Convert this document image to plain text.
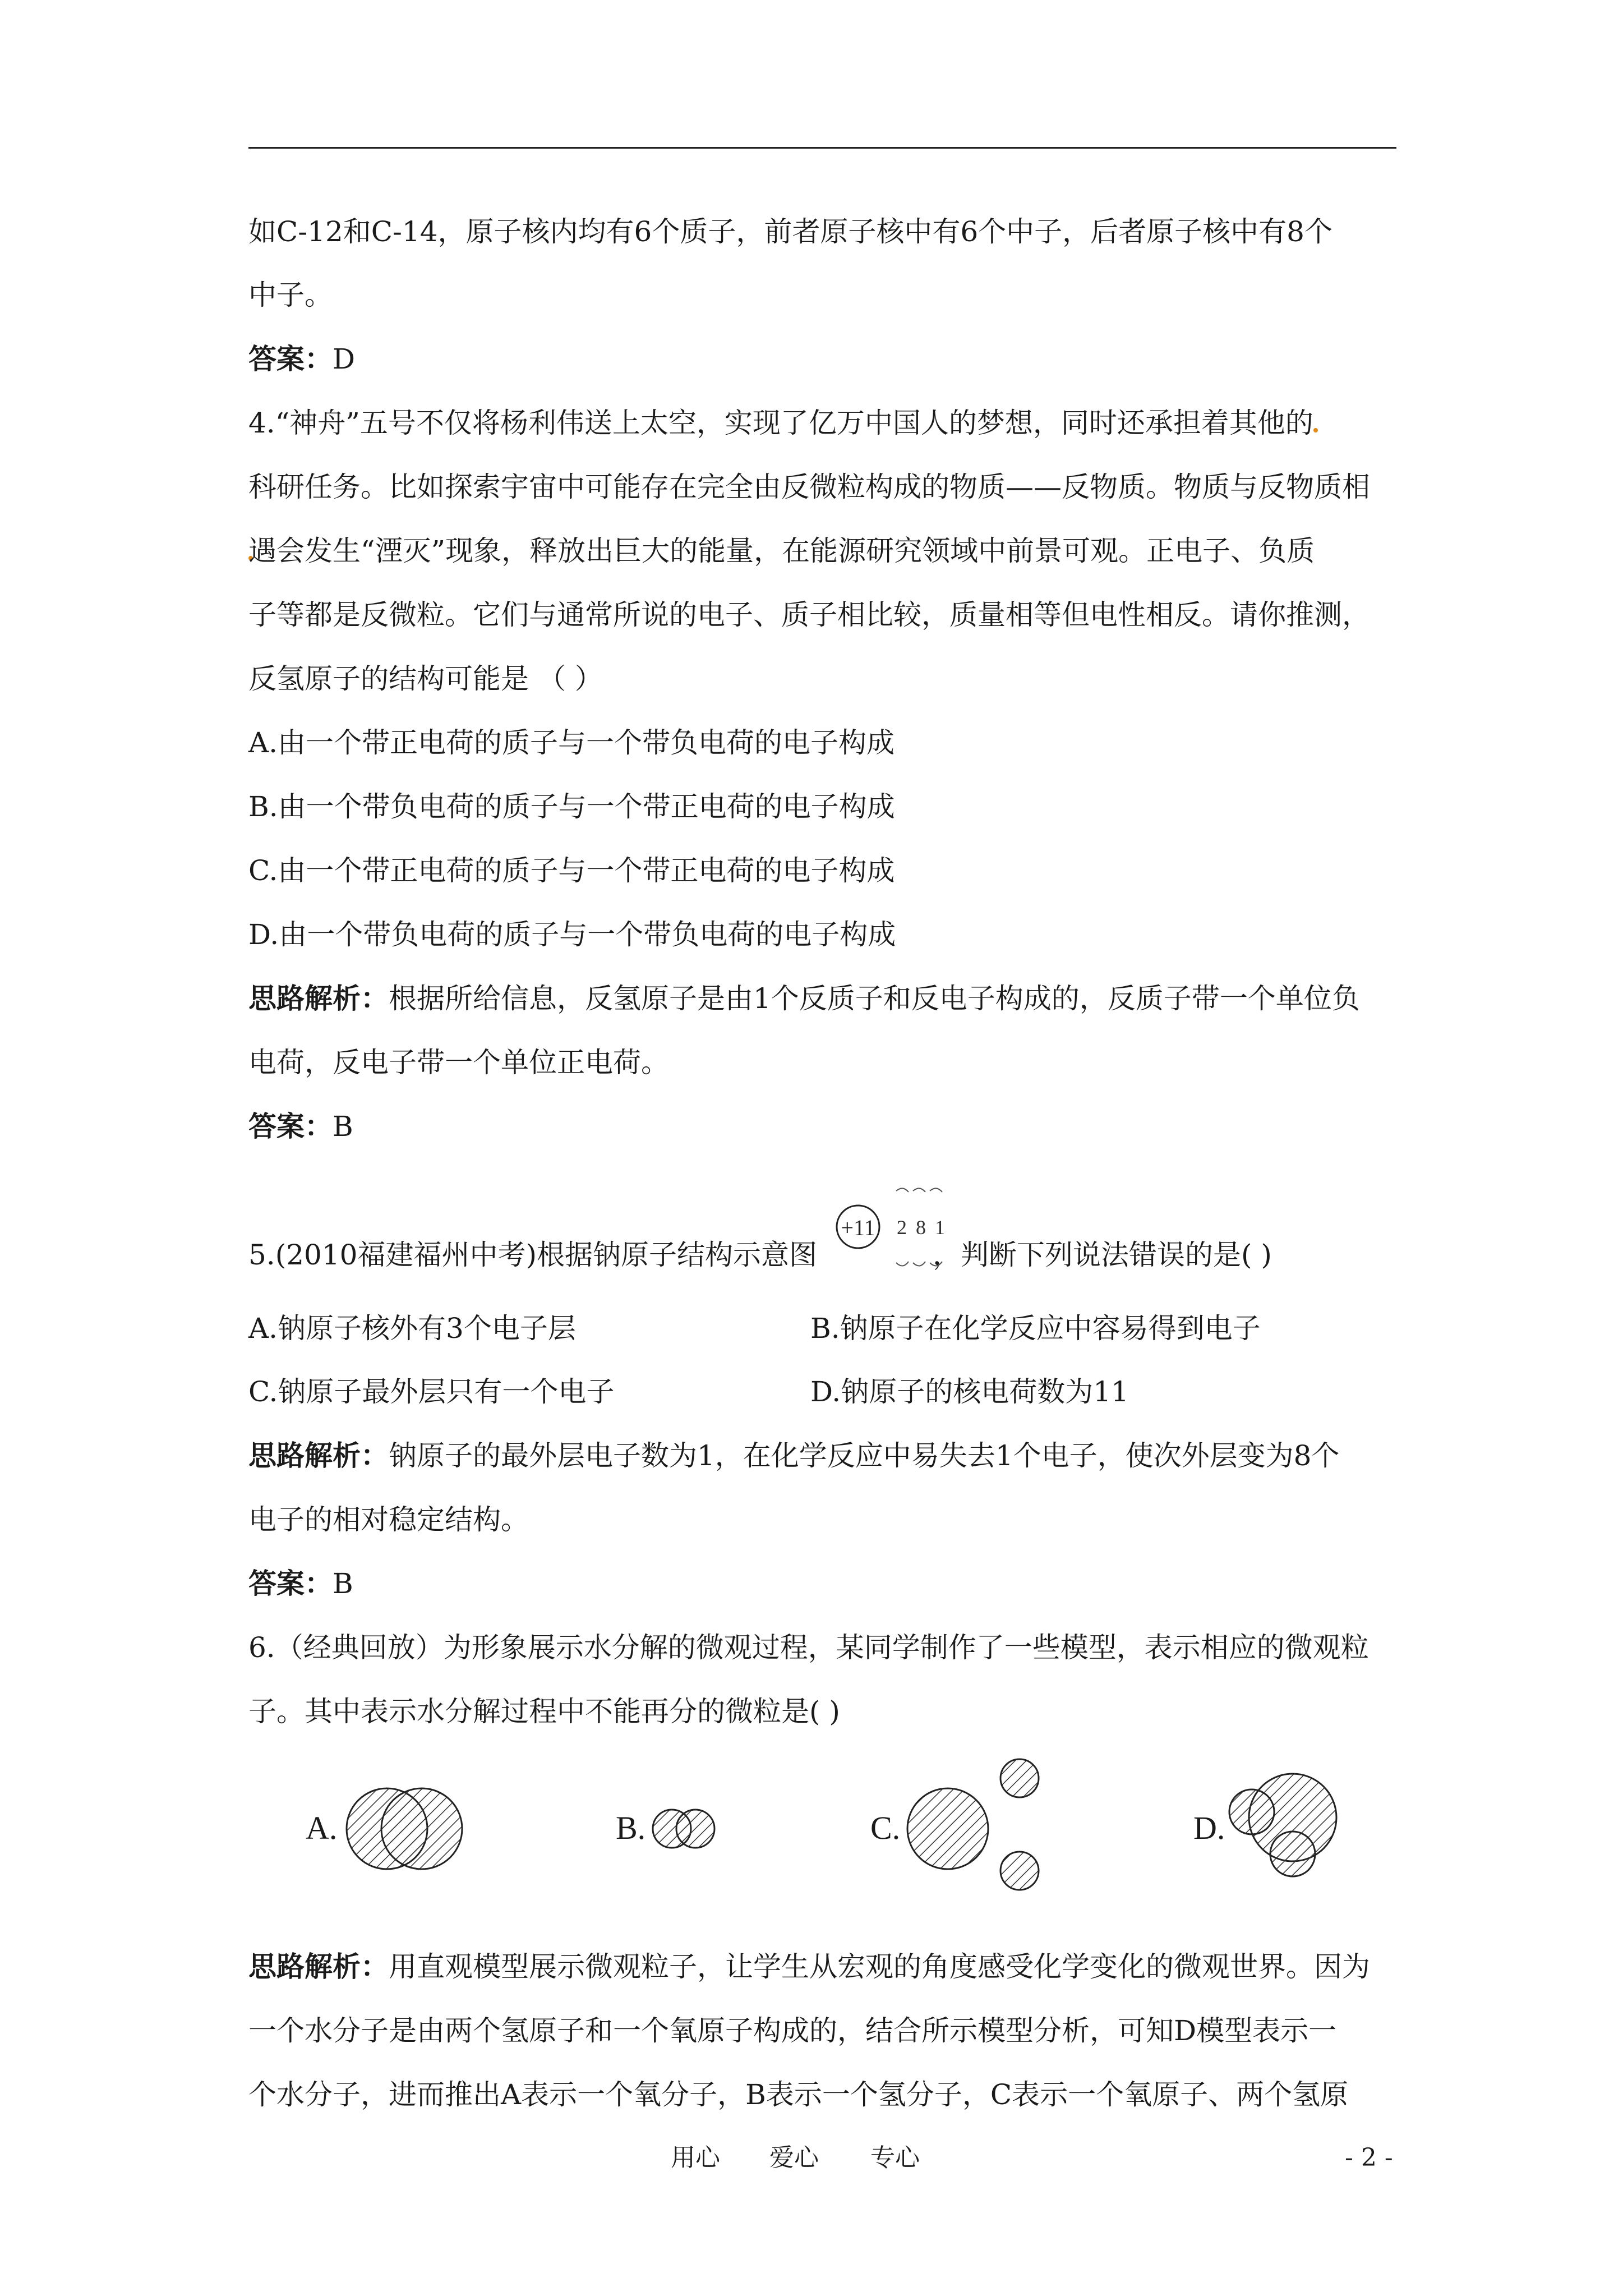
如C-12和C-14，原子核内均有6个质子，前者原子核中有6个中子，后者原子核中有8个
中子。
答案：D
4.“神舟”五号不仅将杨利伟送上太空，实现了亿万中国人的梦想，同时还承担着其他的
科研任务。比如探索宇宙中可能存在完全由反微粒构成的物质——反物质。物质与反物质相
遇会发生“湮灭”现象，释放出巨大的能量，在能源研究领域中前景可观。正电子、负质
子等都是反微粒。它们与通常所说的电子、质子相比较，质量相等但电性相反。请你推测，
反氢原子的结构可能是 （ ）
A.由一个带正电荷的质子与一个带负电荷的电子构成
B.由一个带负电荷的质子与一个带正电荷的电子构成
C.由一个带正电荷的质子与一个带正电荷的电子构成
D.由一个带负电荷的质子与一个带负电荷的电子构成
思路解析：根据所给信息，反氢原子是由1个反质子和反电子构成的，反质子带一个单位负
电荷，反电子带一个单位正电荷。
答案：B
5.(2010福建福州中考)根据钠原子结构示意图	，判断下列说法错误的是( )
+11 2 8 1
A.钠原子核外有3个电子层	B.钠原子在化学反应中容易得到电子
C.钠原子最外层只有一个电子	D.钠原子的核电荷数为11
思路解析：钠原子的最外层电子数为1，在化学反应中易失去1个电子，使次外层变为8个
电子的相对稳定结构。
答案：B
6.（经典回放）为形象展示水分解的微观过程，某同学制作了一些模型，表示相应的微观粒
子。其中表示水分解过程中不能再分的微粒是( )
A.	B.	C.	D.
思路解析：用直观模型展示微观粒子，让学生从宏观的角度感受化学变化的微观世界。因为
一个水分子是由两个氢原子和一个氧原子构成的，结合所示模型分析，可知D模型表示一
个水分子，进而推出A表示一个氧分子，B表示一个氢分子，C表示一个氧原子、两个氢原
用心 爱心 专心	- 2 -
